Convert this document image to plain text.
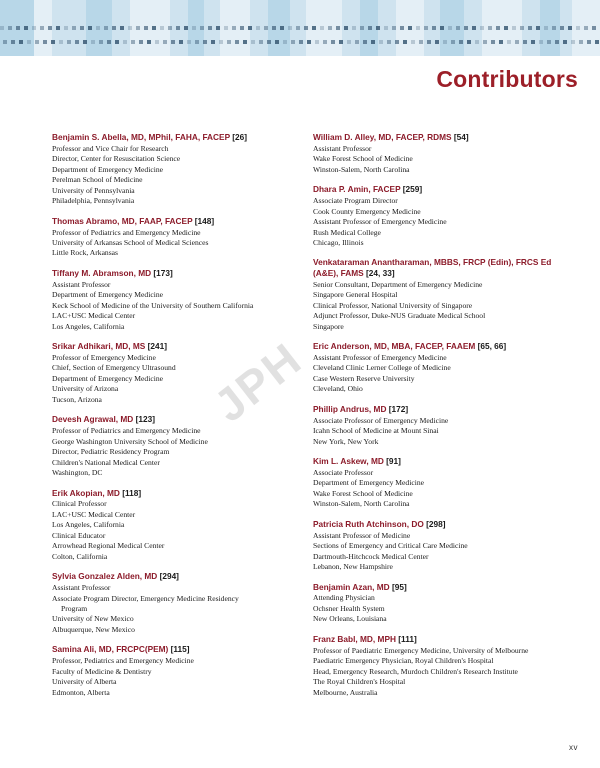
Contributors
JPH
Benjamin S. Abella, MD, MPhil, FAHA, FACEP [26]
Professor and Vice Chair for Research
Director, Center for Resuscitation Science
Department of Emergency Medicine
Perelman School of Medicine
University of Pennsylvania
Philadelphia, Pennsylvania
Thomas Abramo, MD, FAAP, FACEP [148]
Professor of Pediatrics and Emergency Medicine
University of Arkansas School of Medical Sciences
Little Rock, Arkansas
Tiffany M. Abramson, MD [173]
Assistant Professor
Department of Emergency Medicine
Keck School of Medicine of the University of Southern California
LAC+USC Medical Center
Los Angeles, California
Srikar Adhikari, MD, MS [241]
Professor of Emergency Medicine
Chief, Section of Emergency Ultrasound
Department of Emergency Medicine
University of Arizona
Tucson, Arizona
Devesh Agrawal, MD [123]
Professor of Pediatrics and Emergency Medicine
George Washington University School of Medicine
Director, Pediatric Residency Program
Children's National Medical Center
Washington, DC
Erik Akopian, MD [118]
Clinical Professor
LAC+USC Medical Center
Los Angeles, California
Clinical Educator
Arrowhead Regional Medical Center
Colton, California
Sylvia Gonzalez Alden, MD [294]
Assistant Professor
Associate Program Director, Emergency Medicine Residency
Program
University of New Mexico
Albuquerque, New Mexico
Samina Ali, MD, FRCPC(PEM) [115]
Professor, Pediatrics and Emergency Medicine
Faculty of Medicine & Dentistry
University of Alberta
Edmonton, Alberta
William D. Alley, MD, FACEP, RDMS [54]
Assistant Professor
Wake Forest School of Medicine
Winston-Salem, North Carolina
Dhara P. Amin, FACEP [259]
Associate Program Director
Cook County Emergency Medicine
Assistant Professor of Emergency Medicine
Rush Medical College
Chicago, Illinois
Venkataraman Anantharaman, MBBS, FRCP (Edin), FRCS Ed (A&E), FAMS [24, 33]
Senior Consultant, Department of Emergency Medicine
Singapore General Hospital
Clinical Professor, National University of Singapore
Adjunct Professor, Duke-NUS Graduate Medical School
Singapore
Eric Anderson, MD, MBA, FACEP, FAAEM [65, 66]
Assistant Professor of Emergency Medicine
Cleveland Clinic Lerner College of Medicine
Case Western Reserve University
Cleveland, Ohio
Phillip Andrus, MD [172]
Associate Professor of Emergency Medicine
Icahn School of Medicine at Mount Sinai
New York, New York
Kim L. Askew, MD [91]
Associate Professor
Department of Emergency Medicine
Wake Forest School of Medicine
Winston-Salem, North Carolina
Patricia Ruth Atchinson, DO [298]
Assistant Professor of Medicine
Sections of Emergency and Critical Care Medicine
Dartmouth-Hitchcock Medical Center
Lebanon, New Hampshire
Benjamin Azan, MD [95]
Attending Physician
Ochsner Health System
New Orleans, Louisiana
Franz Babl, MD, MPH [111]
Professor of Paediatric Emergency Medicine, University of Melbourne
Paediatric Emergency Physician, Royal Children's Hospital
Head, Emergency Research, Murdoch Children's Research Institute
The Royal Children's Hospital
Melbourne, Australia
xv
